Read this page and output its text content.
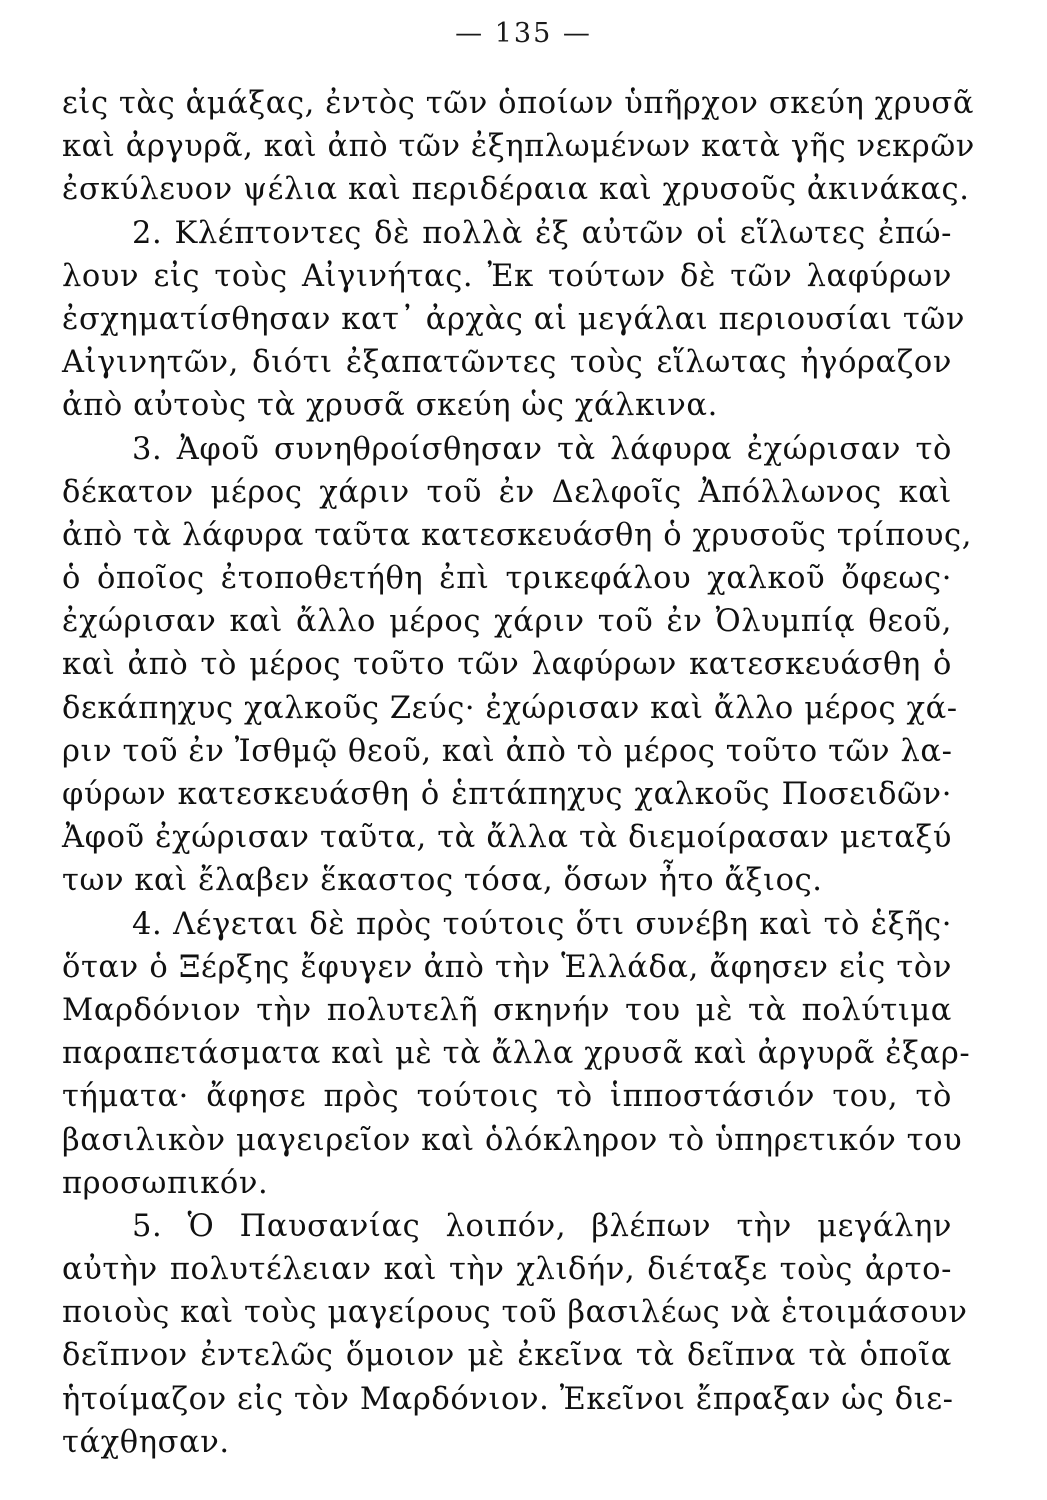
— 135 —
εἰς τὰς ἁμάξας, ἐντὸς τῶν ὁποίων ὑπῆρχον σκεύη χρυσᾶ
καὶ ἀργυρᾶ, καὶ ἀπὸ τῶν ἐξηπλωμένων κατὰ γῆς νεκρῶν
ἐσκύλευον ψέλια καὶ περιδέραια καὶ χρυσοῦς ἀκινάκας.
2. Κλέπτοντες δὲ πολλὰ ἐξ αὐτῶν οἱ εἵλωτες ἐπώ-
λουν εἰς τοὺς Αἰγινήτας. Ἐκ τούτων δὲ τῶν λαφύρων
ἐσχηματίσθησαν κατ᾽ ἀρχὰς αἱ μεγάλαι περιουσίαι τῶν
Αἰγινητῶν, διότι ἐξαπατῶντες τοὺς εἵλωτας ἠγόραζον
ἀπὸ αὐτοὺς τὰ χρυσᾶ σκεύη ὡς χάλκινα.
3. Ἀφοῦ συνηθροίσθησαν τὰ λάφυρα ἐχώρισαν τὸ
δέκατον μέρος χάριν τοῦ ἐν Δελφοῖς Ἀπόλλωνος καὶ
ἀπὸ τὰ λάφυρα ταῦτα κατεσκευάσθη ὁ χρυσοῦς τρίπους,
ὁ ὁποῖος ἐτοποθετήθη ἐπὶ τρικεφάλου χαλκοῦ ὄφεως·
ἐχώρισαν καὶ ἄλλο μέρος χάριν τοῦ ἐν Ὀλυμπίᾳ θεοῦ,
καὶ ἀπὸ τὸ μέρος τοῦτο τῶν λαφύρων κατεσκευάσθη ὁ
δεκάπηχυς χαλκοῦς Ζεύς· ἐχώρισαν καὶ ἄλλο μέρος χά-
ριν τοῦ ἐν Ἰσθμῷ θεοῦ, καὶ ἀπὸ τὸ μέρος τοῦτο τῶν λα-
φύρων κατεσκευάσθη ὁ ἑπτάπηχυς χαλκοῦς Ποσειδῶν·
Ἀφοῦ ἐχώρισαν ταῦτα, τὰ ἄλλα τὰ διεμοίρασαν μεταξύ
των καὶ ἔλαβεν ἕκαστος τόσα, ὅσων ἦτο ἄξιος.
4. Λέγεται δὲ πρὸς τούτοις ὅτι συνέβη καὶ τὸ ἑξῆς·
ὅταν ὁ Ξέρξης ἔφυγεν ἀπὸ τὴν Ἑλλάδα, ἄφησεν εἰς τὸν
Μαρδόνιον τὴν πολυτελῆ σκηνήν του μὲ τὰ πολύτιμα
παραπετάσματα καὶ μὲ τὰ ἄλλα χρυσᾶ καὶ ἀργυρᾶ ἐξαρ-
τήματα· ἄφησε πρὸς τούτοις τὸ ἱπποστάσιόν του, τὸ
βασιλικὸν μαγειρεῖον καὶ ὁλόκληρον τὸ ὑπηρετικόν του
προσωπικόν.
5. Ὁ Παυσανίας λοιπόν, βλέπων τὴν μεγάλην
αὐτὴν πολυτέλειαν καὶ τὴν χλιδήν, διέταξε τοὺς ἀρτο-
ποιοὺς καὶ τοὺς μαγείρους τοῦ βασιλέως νὰ ἑτοιμάσουν
δεῖπνον ἐντελῶς ὅμοιον μὲ ἐκεῖνα τὰ δεῖπνα τὰ ὁποῖα
ἡτοίμαζον εἰς τὸν Μαρδόνιον. Ἐκεῖνοι ἔπραξαν ὡς διε-
τάχθησαν.
